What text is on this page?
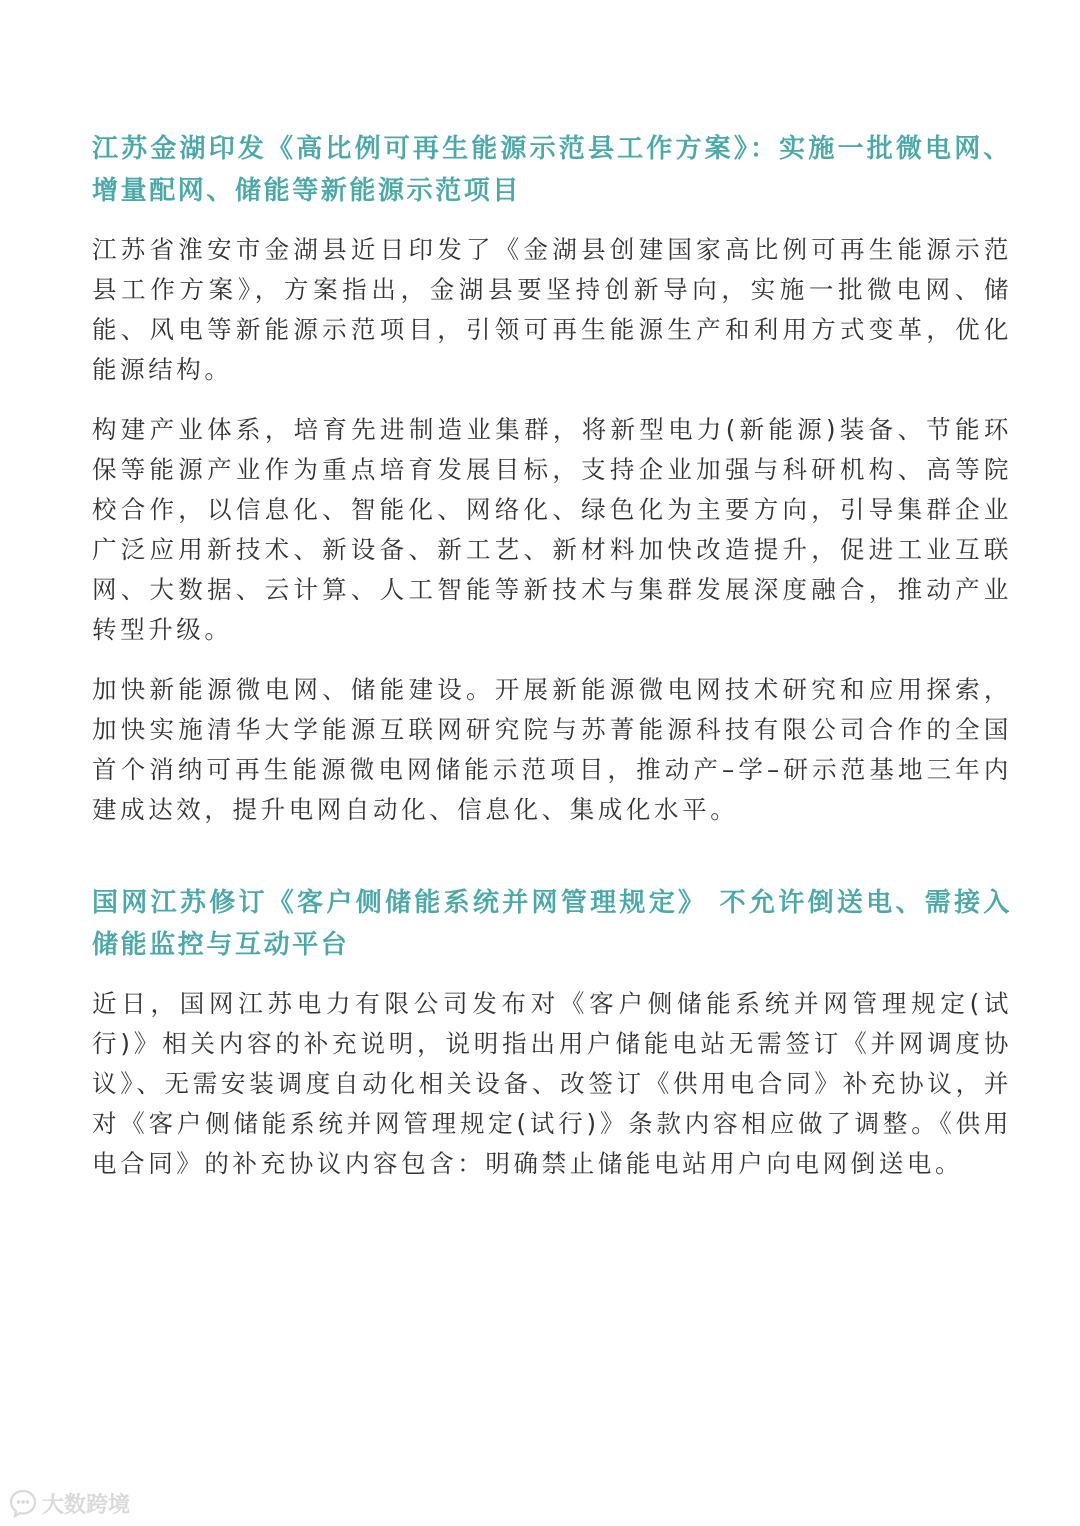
江苏金湖印发《高比例可再生能源示范县工作方案》：实施一批微电网、增量配网、储能等新能源示范项目

江苏省淮安市金湖县近日印发了《金湖县创建国家高比例可再生能源示范县工作方案》，方案指出，金湖县要坚持创新导向，实施一批微电网、储能、风电等新能源示范项目，引领可再生能源生产和利用方式变革，优化能源结构。

构建产业体系，培育先进制造业集群，将新型电力(新能源)装备、节能环保等能源产业作为重点培育发展目标，支持企业加强与科研机构、高等院校合作，以信息化、智能化、网络化、绿色化为主要方向，引导集群企业广泛应用新技术、新设备、新工艺、新材料加快改造提升，促进工业互联网、大数据、云计算、人工智能等新技术与集群发展深度融合，推动产业转型升级。

加快新能源微电网、储能建设。开展新能源微电网技术研究和应用探索，加快实施清华大学能源互联网研究院与苏菁能源科技有限公司合作的全国首个消纳可再生能源微电网储能示范项目，推动产–学–研示范基地三年内建成达效，提升电网自动化、信息化、集成化水平。

国网江苏修订《客户侧储能系统并网管理规定》 不允许倒送电、需接入储能监控与互动平台

近日，国网江苏电力有限公司发布对《客户侧储能系统并网管理规定(试行)》相关内容的补充说明，说明指出用户储能电站无需签订《并网调度协议》、无需安装调度自动化相关设备、改签订《供用电合同》补充协议，并对《客户侧储能系统并网管理规定(试行)》条款内容相应做了调整。《供用电合同》的补充协议内容包含：明确禁止储能电站用户向电网倒送电。

大数跨境
